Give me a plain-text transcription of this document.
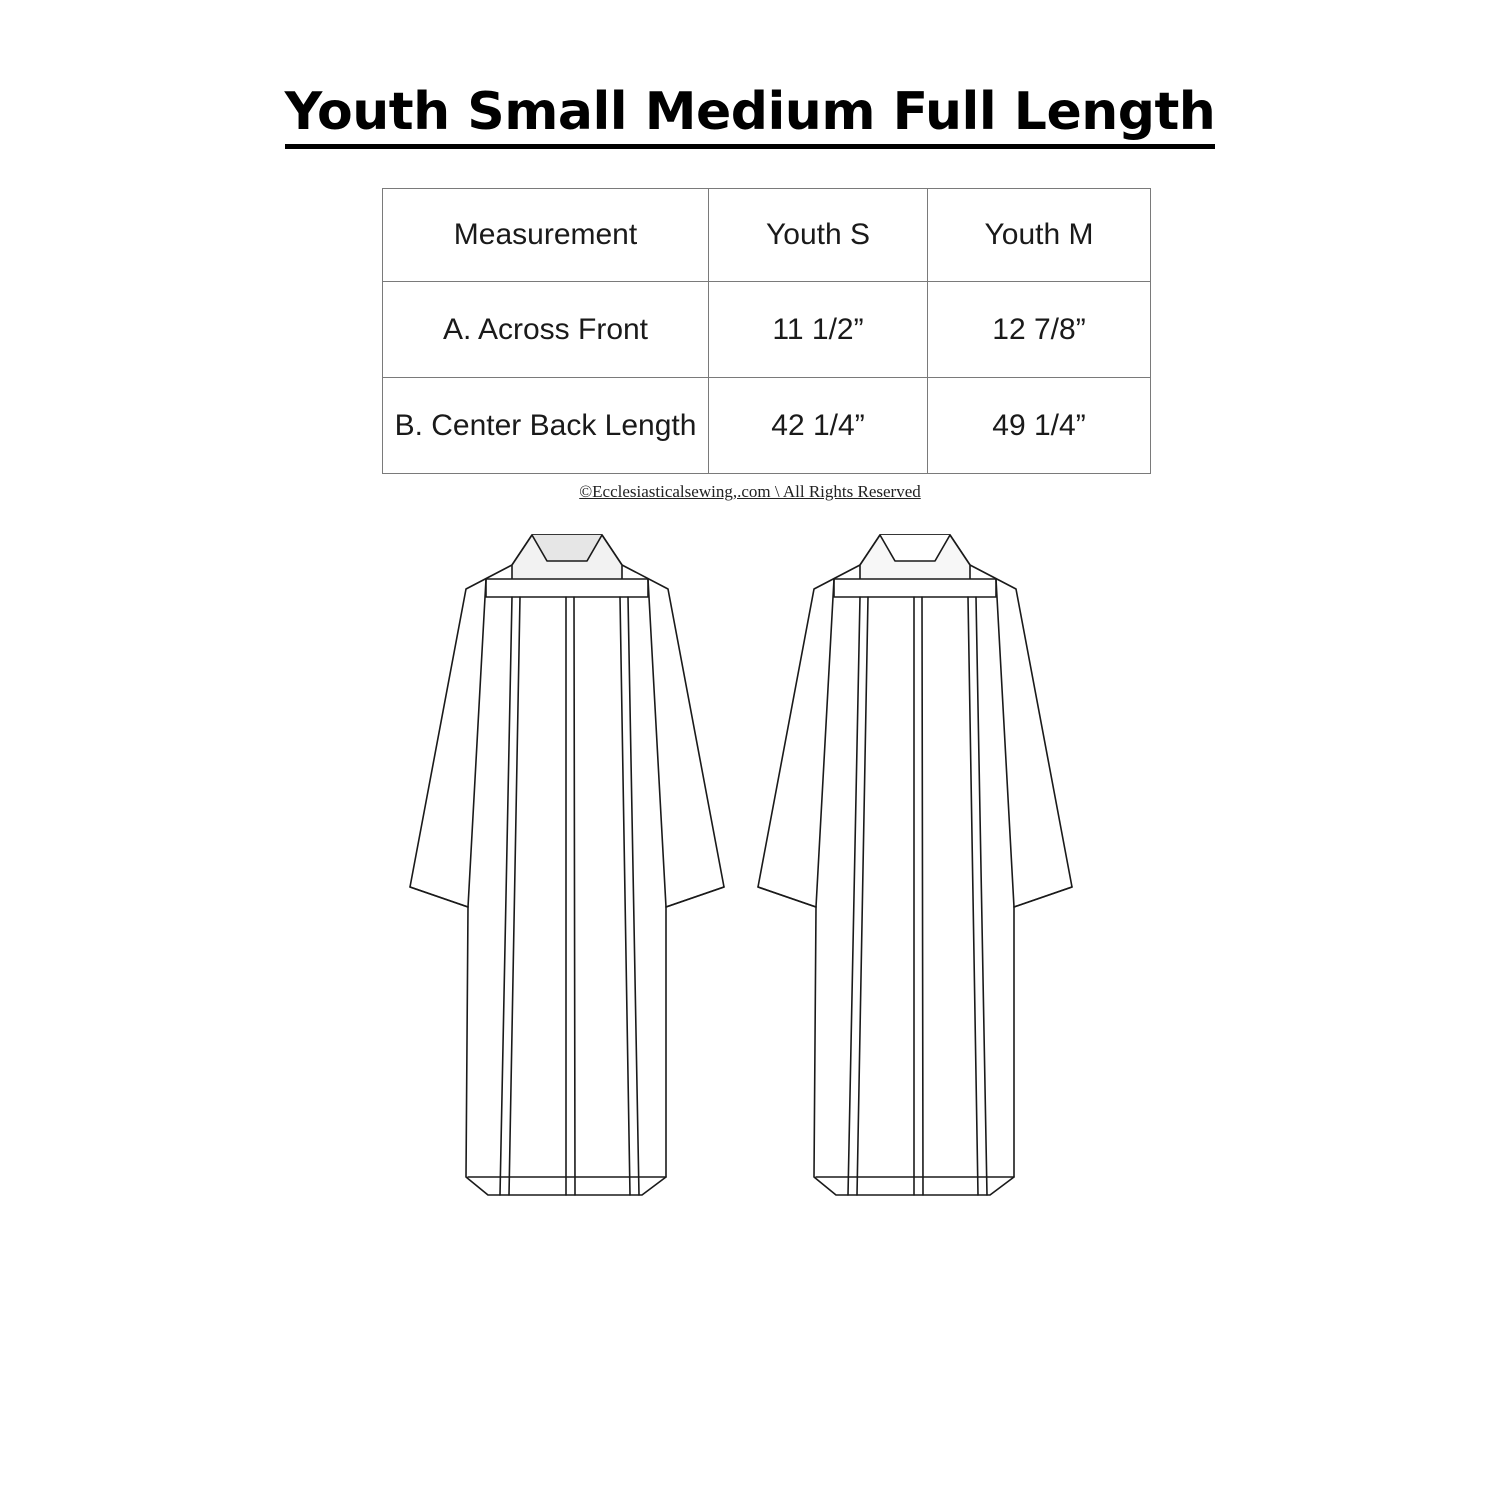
Youth Small Medium Full Length
Measurement	Youth S	Youth M
A. Across Front	11 1/2”	12 7/8”
B. Center Back Length	42 1/4”	49 1/4”
©Ecclesiasticalsewing,.com \ All Rights Reserved
